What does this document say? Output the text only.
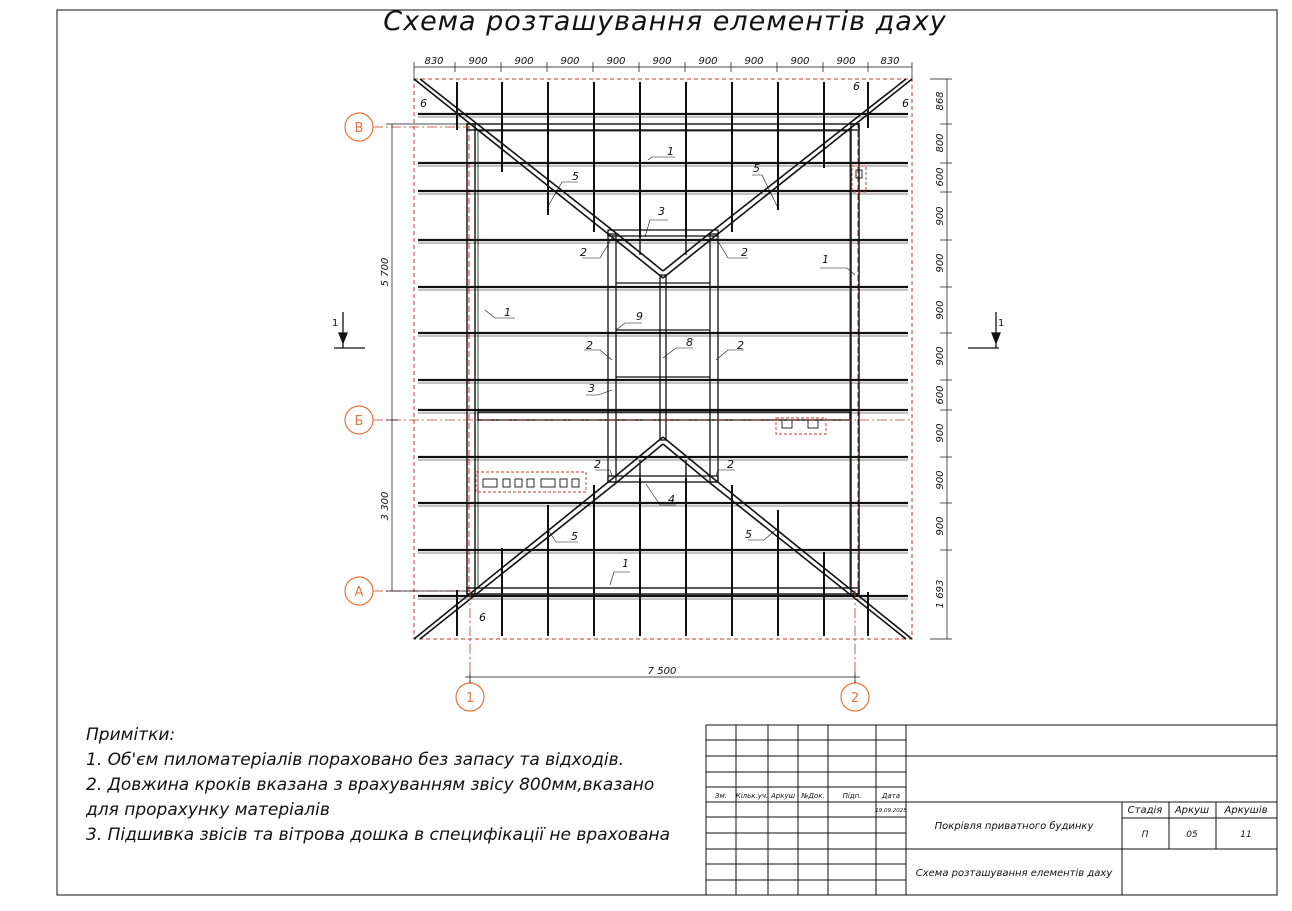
Схема розташування елементів даху
В
Б
А
1	2
830 900	900	900	900	900	900	900	900	830
900
868
800
600
900
900
900
900
600
900
900
900
1 693
5 700
3 300
7 500
1	1
1
1
1
1
2	2
2	2
2	2
3
3
4
5
5
5	5
6
6
6
8
9
6
Зм. Кільк.уч. Аркуш №Док.	Підп.	Дата
19.09.2025
Покрівля приватного будинку
Схема розташування елементів даху
Стадія Аркуш Аркушів
П	05	11
Примітки:
1. Об'єм пиломатеріалів пораховано без запасу та відходів.
2. Довжина кроків вказана з врахуванням звісу 800мм,вказано для прорахунку матеріалів
3. Підшивка звісів та вітрова дошка в специфікації не врахована
